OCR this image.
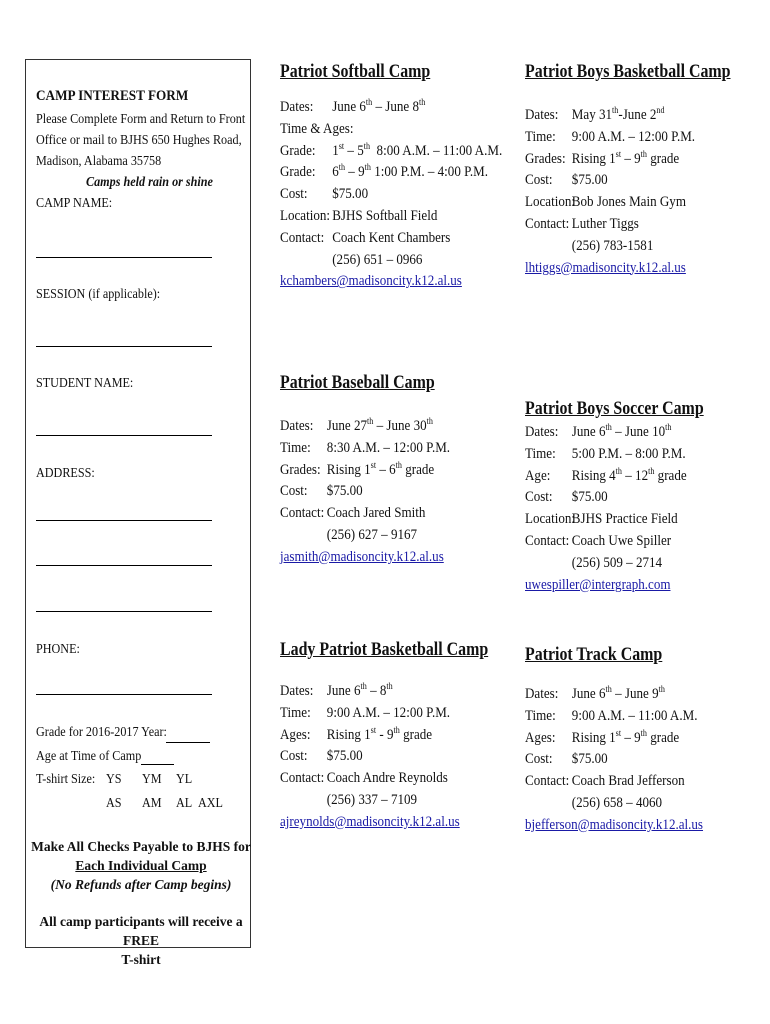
CAMP INTEREST FORM
Please Complete Form and Return to Front
Office or mail to BJHS 650 Hughes Road,
Madison, Alabama 35758
Camps held rain or shine
CAMP NAME:
SESSION (if applicable):
STUDENT NAME:
ADDRESS:
PHONE:
Grade for 2016-2017 Year:
Age at Time of Camp
T-shirt Size: YS YM YL
AS AM AL AXL
Make All Checks Payable to BJHS for
Each Individual Camp
(No Refunds after Camp begins)
All camp participants will receive a FREE
T-shirt
Patriot Softball Camp
Dates:	June 6th – June 8th
Time & Ages:
Grade:	1st – 5th  8:00 A.M. – 11:00 A.M.
Grade:	6th – 9th 1:00 P.M. – 4:00 P.M.
Cost:	$75.00
Location: BJHS Softball Field
Contact: Coach Kent Chambers
(256) 651 – 0966
kchambers@madisoncity.k12.al.us
Patriot Boys Basketball Camp
Dates: May 31th-June 2nd
Time:	9:00 A.M. – 12:00 P.M.
Grades: Rising 1st – 9th grade
Cost:	$75.00
Location:
Bob Jones Main Gym
Contact: Luther Tiggs
(256) 783-1581
lhtiggs@madisoncity.k12.al.us
Patriot Baseball Camp
Dates: June 27th – June 30th
Time:	8:30 A.M. – 12:00 P.M.
Grades: Rising 1st – 6th grade
Cost:	$75.00
Contact: Coach Jared Smith
(256) 627 – 9167
jasmith@madisoncity.k12.al.us
Patriot Boys Soccer Camp
Dates: June 6th – June 10th
Time:	5:00 P.M. – 8:00 P.M.
Age:	Rising 4th – 12th grade
Cost:	$75.00
Location:
BJHS Practice Field
Contact: Coach Uwe Spiller
(256) 509 – 2714
uwespiller@intergraph.com
Lady Patriot Basketball Camp
Dates: June 6th – 8th
Time:	9:00 A.M. – 12:00 P.M.
Ages:	Rising 1st - 9th grade
Cost:	$75.00
Contact: Coach Andre Reynolds
(256) 337 – 7109
ajreynolds@madisoncity.k12.al.us
Patriot Track Camp
Dates: June 6th – June 9th
Time:	9:00 A.M. – 11:00 A.M.
Ages:	Rising 1st – 9th grade
Cost:	$75.00
Contact: Coach Brad Jefferson
(256) 658 – 4060
bjefferson@madisoncity.k12.al.us
